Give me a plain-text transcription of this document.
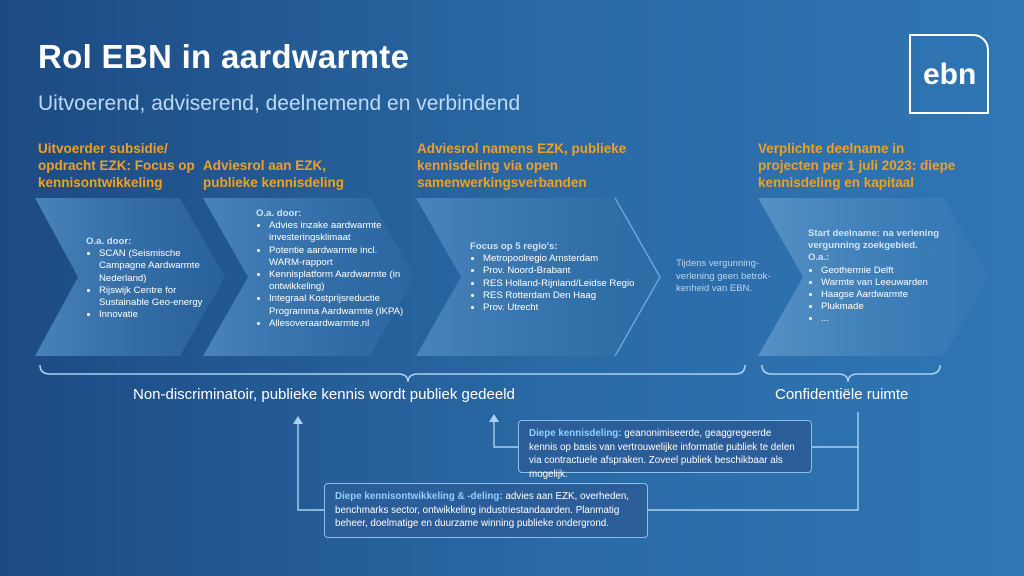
Rol EBN in aardwarmte
Uitvoerend, adviserend, deelnemend en verbindend
ebn
Uitvoerder subsidie/ opdracht EZK: Focus op kennisontwikkeling
Adviesrol aan EZK, publieke kennisdeling
Adviesrol namens EZK, publieke kennisdeling via open samenwerkingsverbanden
Verplichte deelname in projecten per 1 juli 2023: diepe kennisdeling en kapitaal
O.a. door:
• SCAN (Seismische Campagne Aardwarmte Nederland)
• Rijswijk Centre for Sustainable Geo-energy
• Innovatie
O.a. door:
• Advies inzake aardwarmte investeringsklimaat
• Potentie aardwarmte incl. WARM-rapport
• Kennisplatform Aardwarmte (in ontwikkeling)
• Integraal Kostprijsreductie Programma Aardwarmte (IKPA)
• Allesoveraardwarmte.nl
Focus op 5 regio's:
• Metropoolregio Amsterdam
• Prov. Noord-Brabant
• RES Holland-Rijnland/Leidse Regio
• RES Rotterdam Den Haag
• Prov. Utrecht
Tijdens vergunning-verlening geen betrok-kenheid van EBN.
Start deelname: na verlening vergunning zoekgebied.
O.a.:
• Geothermie Delft
• Warmte van Leeuwarden
• Haagse Aardwarmte
• Plukmade
• ...
Non-discriminatoir, publieke kennis wordt publiek gedeeld	Confidentiële ruimte
Diepe kennisdeling: geanonimiseerde, geaggregeerde kennis op basis van vertrouwelijke informatie publiek te delen via contractuele afspraken. Zoveel publiek beschikbaar als mogelijk.
Diepe kennisontwikkeling & -deling: advies aan EZK, overheden, benchmarks sector, ontwikkeling industriestandaarden. Planmatig beheer, doelmatige en duurzame winning publieke ondergrond.
